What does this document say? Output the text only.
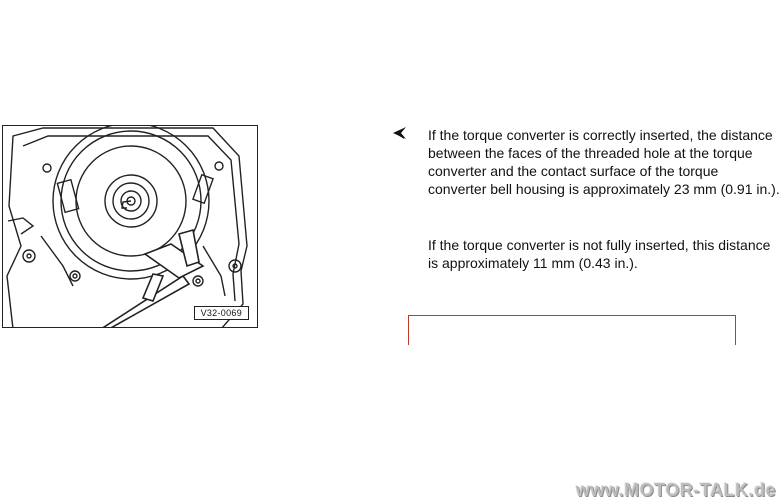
V32-0069

If the torque converter is correctly inserted, the distance between the faces of the threaded hole at the torque converter and the contact surface of the torque converter bell housing is approximately 23 mm (0.91 in.).

If the torque converter is not fully inserted, this distance is approximately 11 mm (0.43 in.).

www.MOTOR-TALK.de
